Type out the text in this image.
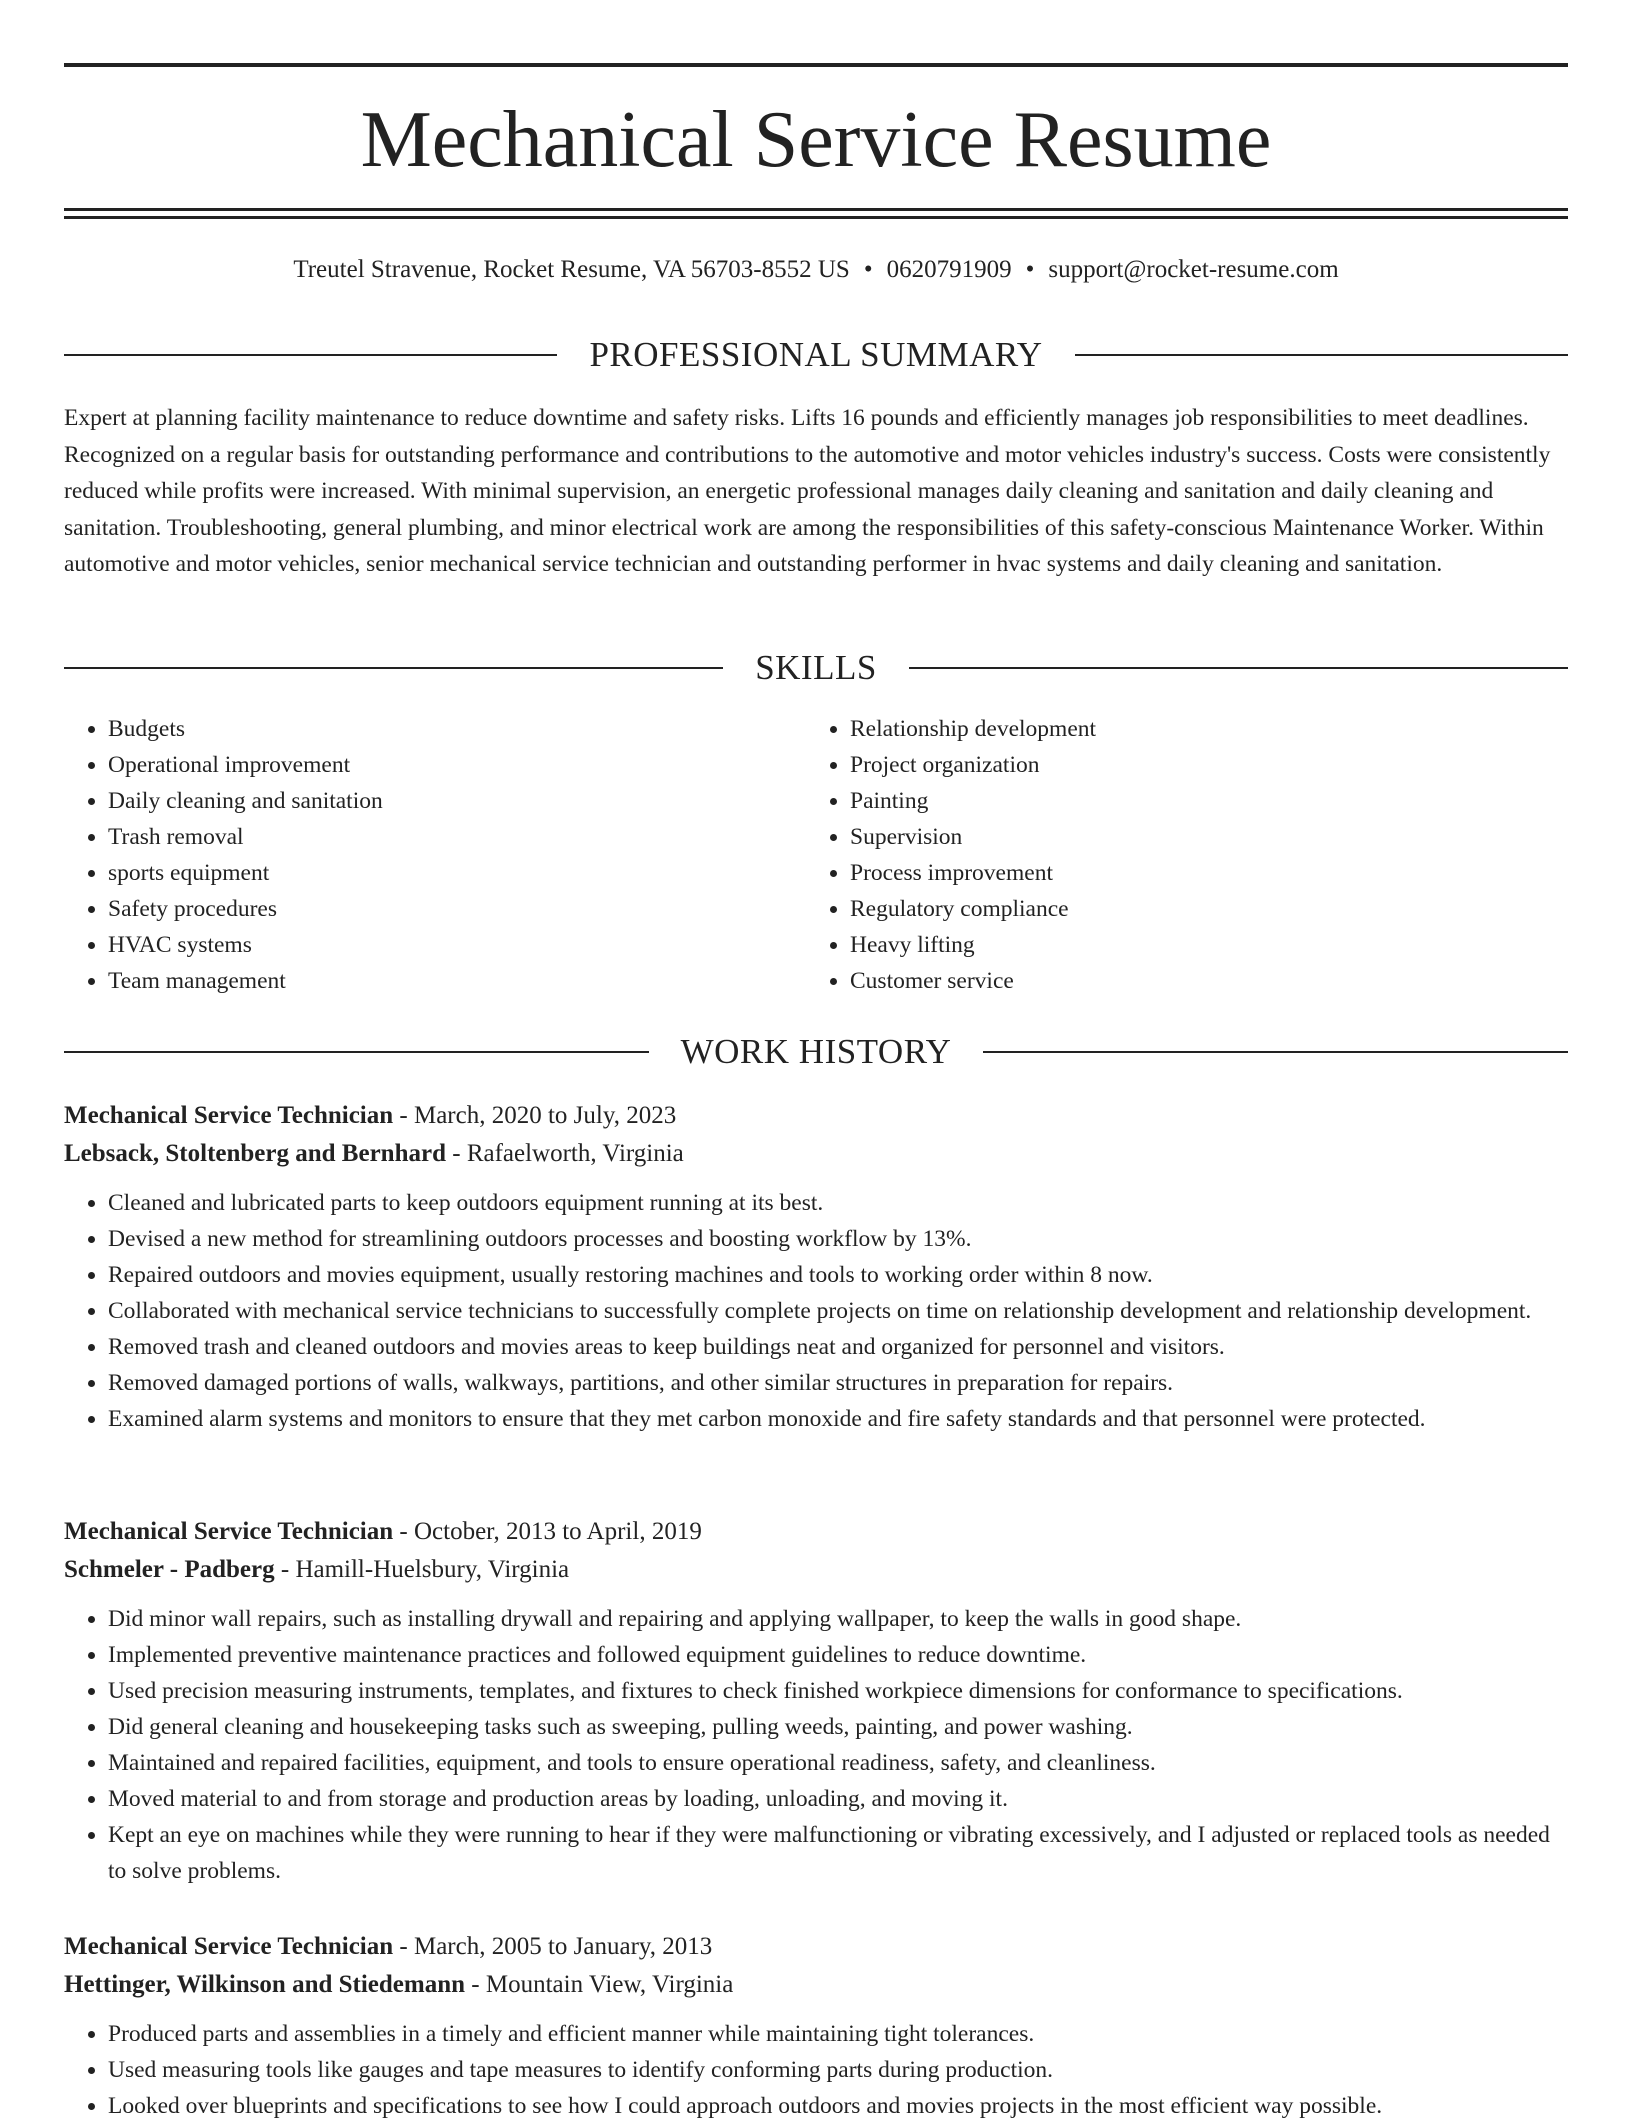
Mechanical Service Resume
Treutel Stravenue, Rocket Resume, VA 56703-8552 US • 0620791909 • support@rocket-resume.com
PROFESSIONAL SUMMARY

Expert at planning facility maintenance to reduce downtime and safety risks. Lifts 16 pounds and efficiently manages job responsibilities to meet deadlines. Recognized on a regular basis for outstanding performance and contributions to the automotive and motor vehicles industry's success. Costs were consistently reduced while profits were increased. With minimal supervision, an energetic professional manages daily cleaning and sanitation and daily cleaning and sanitation. Troubleshooting, general plumbing, and minor electrical work are among the responsibilities of this safety-conscious Maintenance Worker. Within automotive and motor vehicles, senior mechanical service technician and outstanding performer in hvac systems and daily cleaning and sanitation.

SKILLS
• Budgets
• Operational improvement
• Daily cleaning and sanitation
• Trash removal
• sports equipment
• Safety procedures
• HVAC systems
• Team management
• Relationship development
• Project organization
• Painting
• Supervision
• Process improvement
• Regulatory compliance
• Heavy lifting
• Customer service
WORK HISTORY
Mechanical Service Technician - March, 2020 to July, 2023
Lebsack, Stoltenberg and Bernhard - Rafaelworth, Virginia
• Cleaned and lubricated parts to keep outdoors equipment running at its best.
• Devised a new method for streamlining outdoors processes and boosting workflow by 13%.
• Repaired outdoors and movies equipment, usually restoring machines and tools to working order within 8 now.
• Collaborated with mechanical service technicians to successfully complete projects on time on relationship development and relationship development.
• Removed trash and cleaned outdoors and movies areas to keep buildings neat and organized for personnel and visitors.
• Removed damaged portions of walls, walkways, partitions, and other similar structures in preparation for repairs.
• Examined alarm systems and monitors to ensure that they met carbon monoxide and fire safety standards and that personnel were protected.
Mechanical Service Technician - October, 2013 to April, 2019
Schmeler - Padberg - Hamill-Huelsbury, Virginia
• Did minor wall repairs, such as installing drywall and repairing and applying wallpaper, to keep the walls in good shape.
• Implemented preventive maintenance practices and followed equipment guidelines to reduce downtime.
• Used precision measuring instruments, templates, and fixtures to check finished workpiece dimensions for conformance to specifications.
• Did general cleaning and housekeeping tasks such as sweeping, pulling weeds, painting, and power washing.
• Maintained and repaired facilities, equipment, and tools to ensure operational readiness, safety, and cleanliness.
• Moved material to and from storage and production areas by loading, unloading, and moving it.
• Kept an eye on machines while they were running to hear if they were malfunctioning or vibrating excessively, and I adjusted or replaced tools as needed to solve problems.
Mechanical Service Technician - March, 2005 to January, 2013
Hettinger, Wilkinson and Stiedemann - Mountain View, Virginia
• Produced parts and assemblies in a timely and efficient manner while maintaining tight tolerances.
• Used measuring tools like gauges and tape measures to identify conforming parts during production.
• Looked over blueprints and specifications to see how I could approach outdoors and movies projects in the most efficient way possible.
